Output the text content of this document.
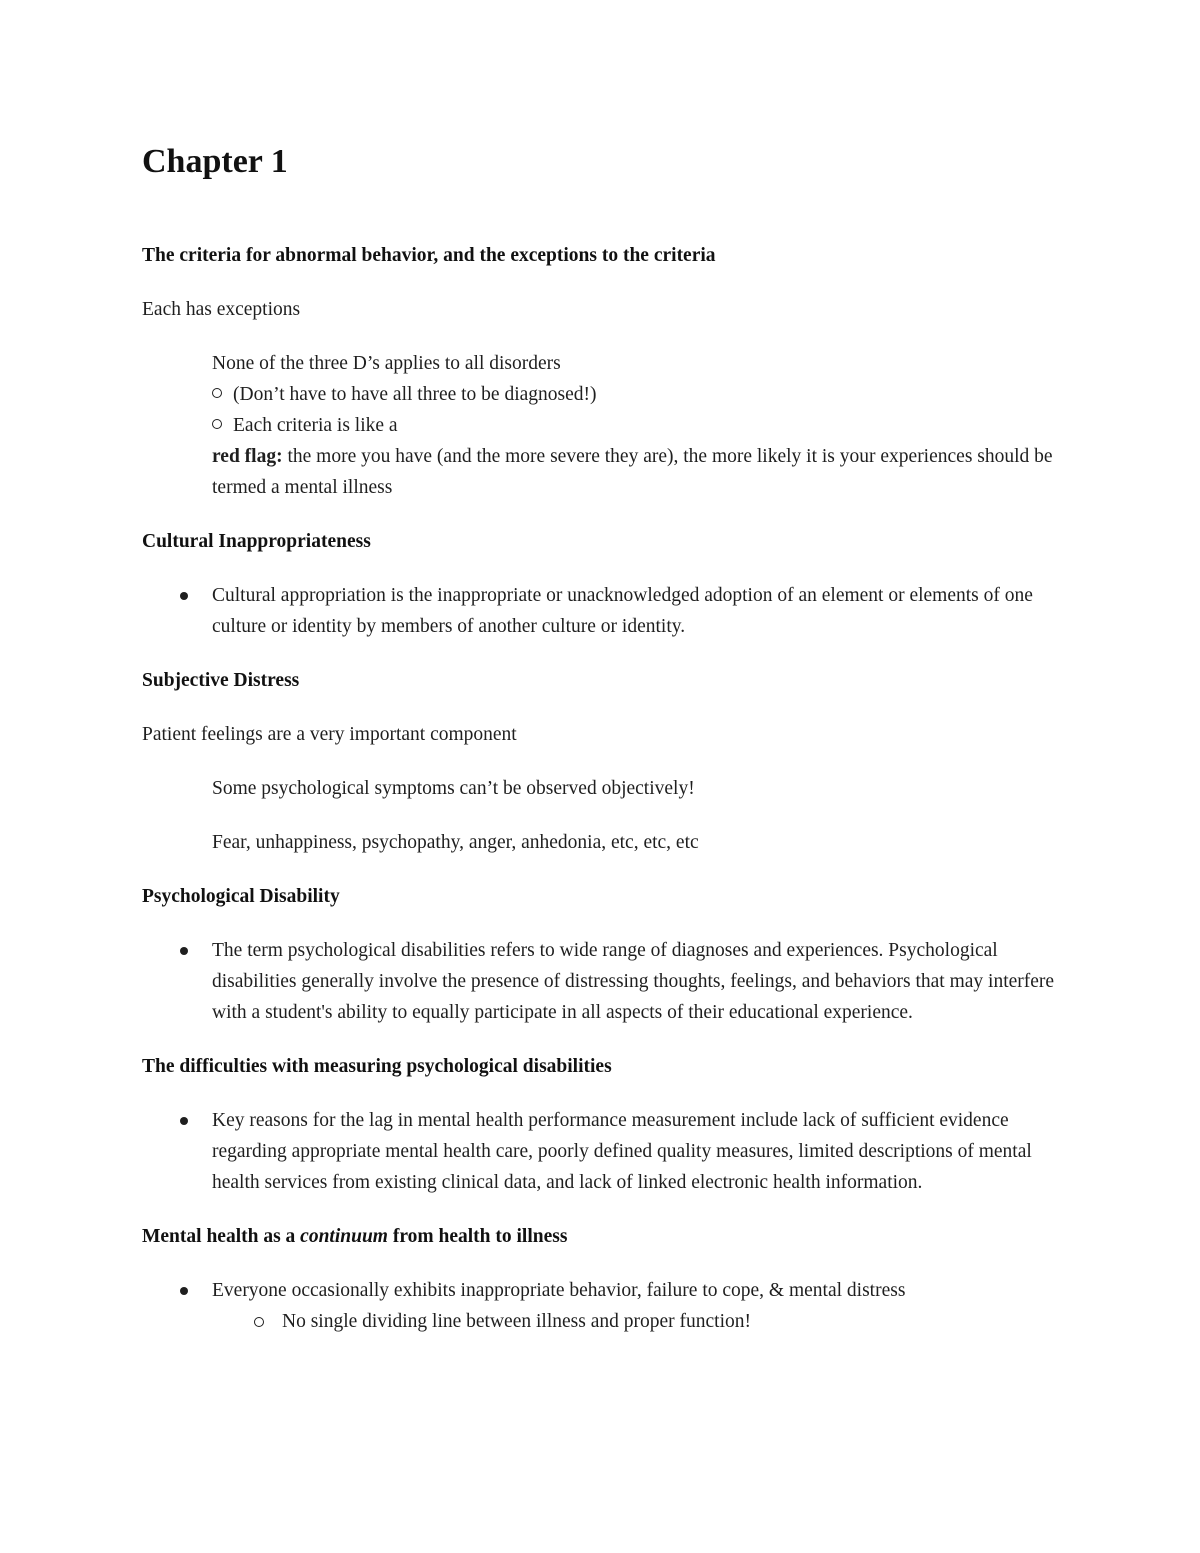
Chapter 1
The criteria for abnormal behavior, and the exceptions to the criteria
Each has exceptions
None of the three D’s applies to all disorders
(Don’t have to have all three to be diagnosed!)
Each criteria is like a
red flag: the more you have (and the more severe they are), the more likely it is your experiences should be termed a mental illness
Cultural Inappropriateness
Cultural appropriation is the inappropriate or unacknowledged adoption of an element or elements of one culture or identity by members of another culture or identity.
Subjective Distress
Patient feelings are a very important component
Some psychological symptoms can’t be observed objectively!
Fear, unhappiness, psychopathy, anger, anhedonia, etc, etc, etc
Psychological Disability
The term psychological disabilities refers to wide range of diagnoses and experiences. Psychological disabilities generally involve the presence of distressing thoughts, feelings, and behaviors that may interfere with a student's ability to equally participate in all aspects of their educational experience.
The difficulties with measuring psychological disabilities
Key reasons for the lag in mental health performance measurement include lack of sufficient evidence regarding appropriate mental health care, poorly defined quality measures, limited descriptions of mental health services from existing clinical data, and lack of linked electronic health information.
Mental health as a continuum from health to illness
Everyone occasionally exhibits inappropriate behavior, failure to cope, & mental distress
No single dividing line between illness and proper function!
